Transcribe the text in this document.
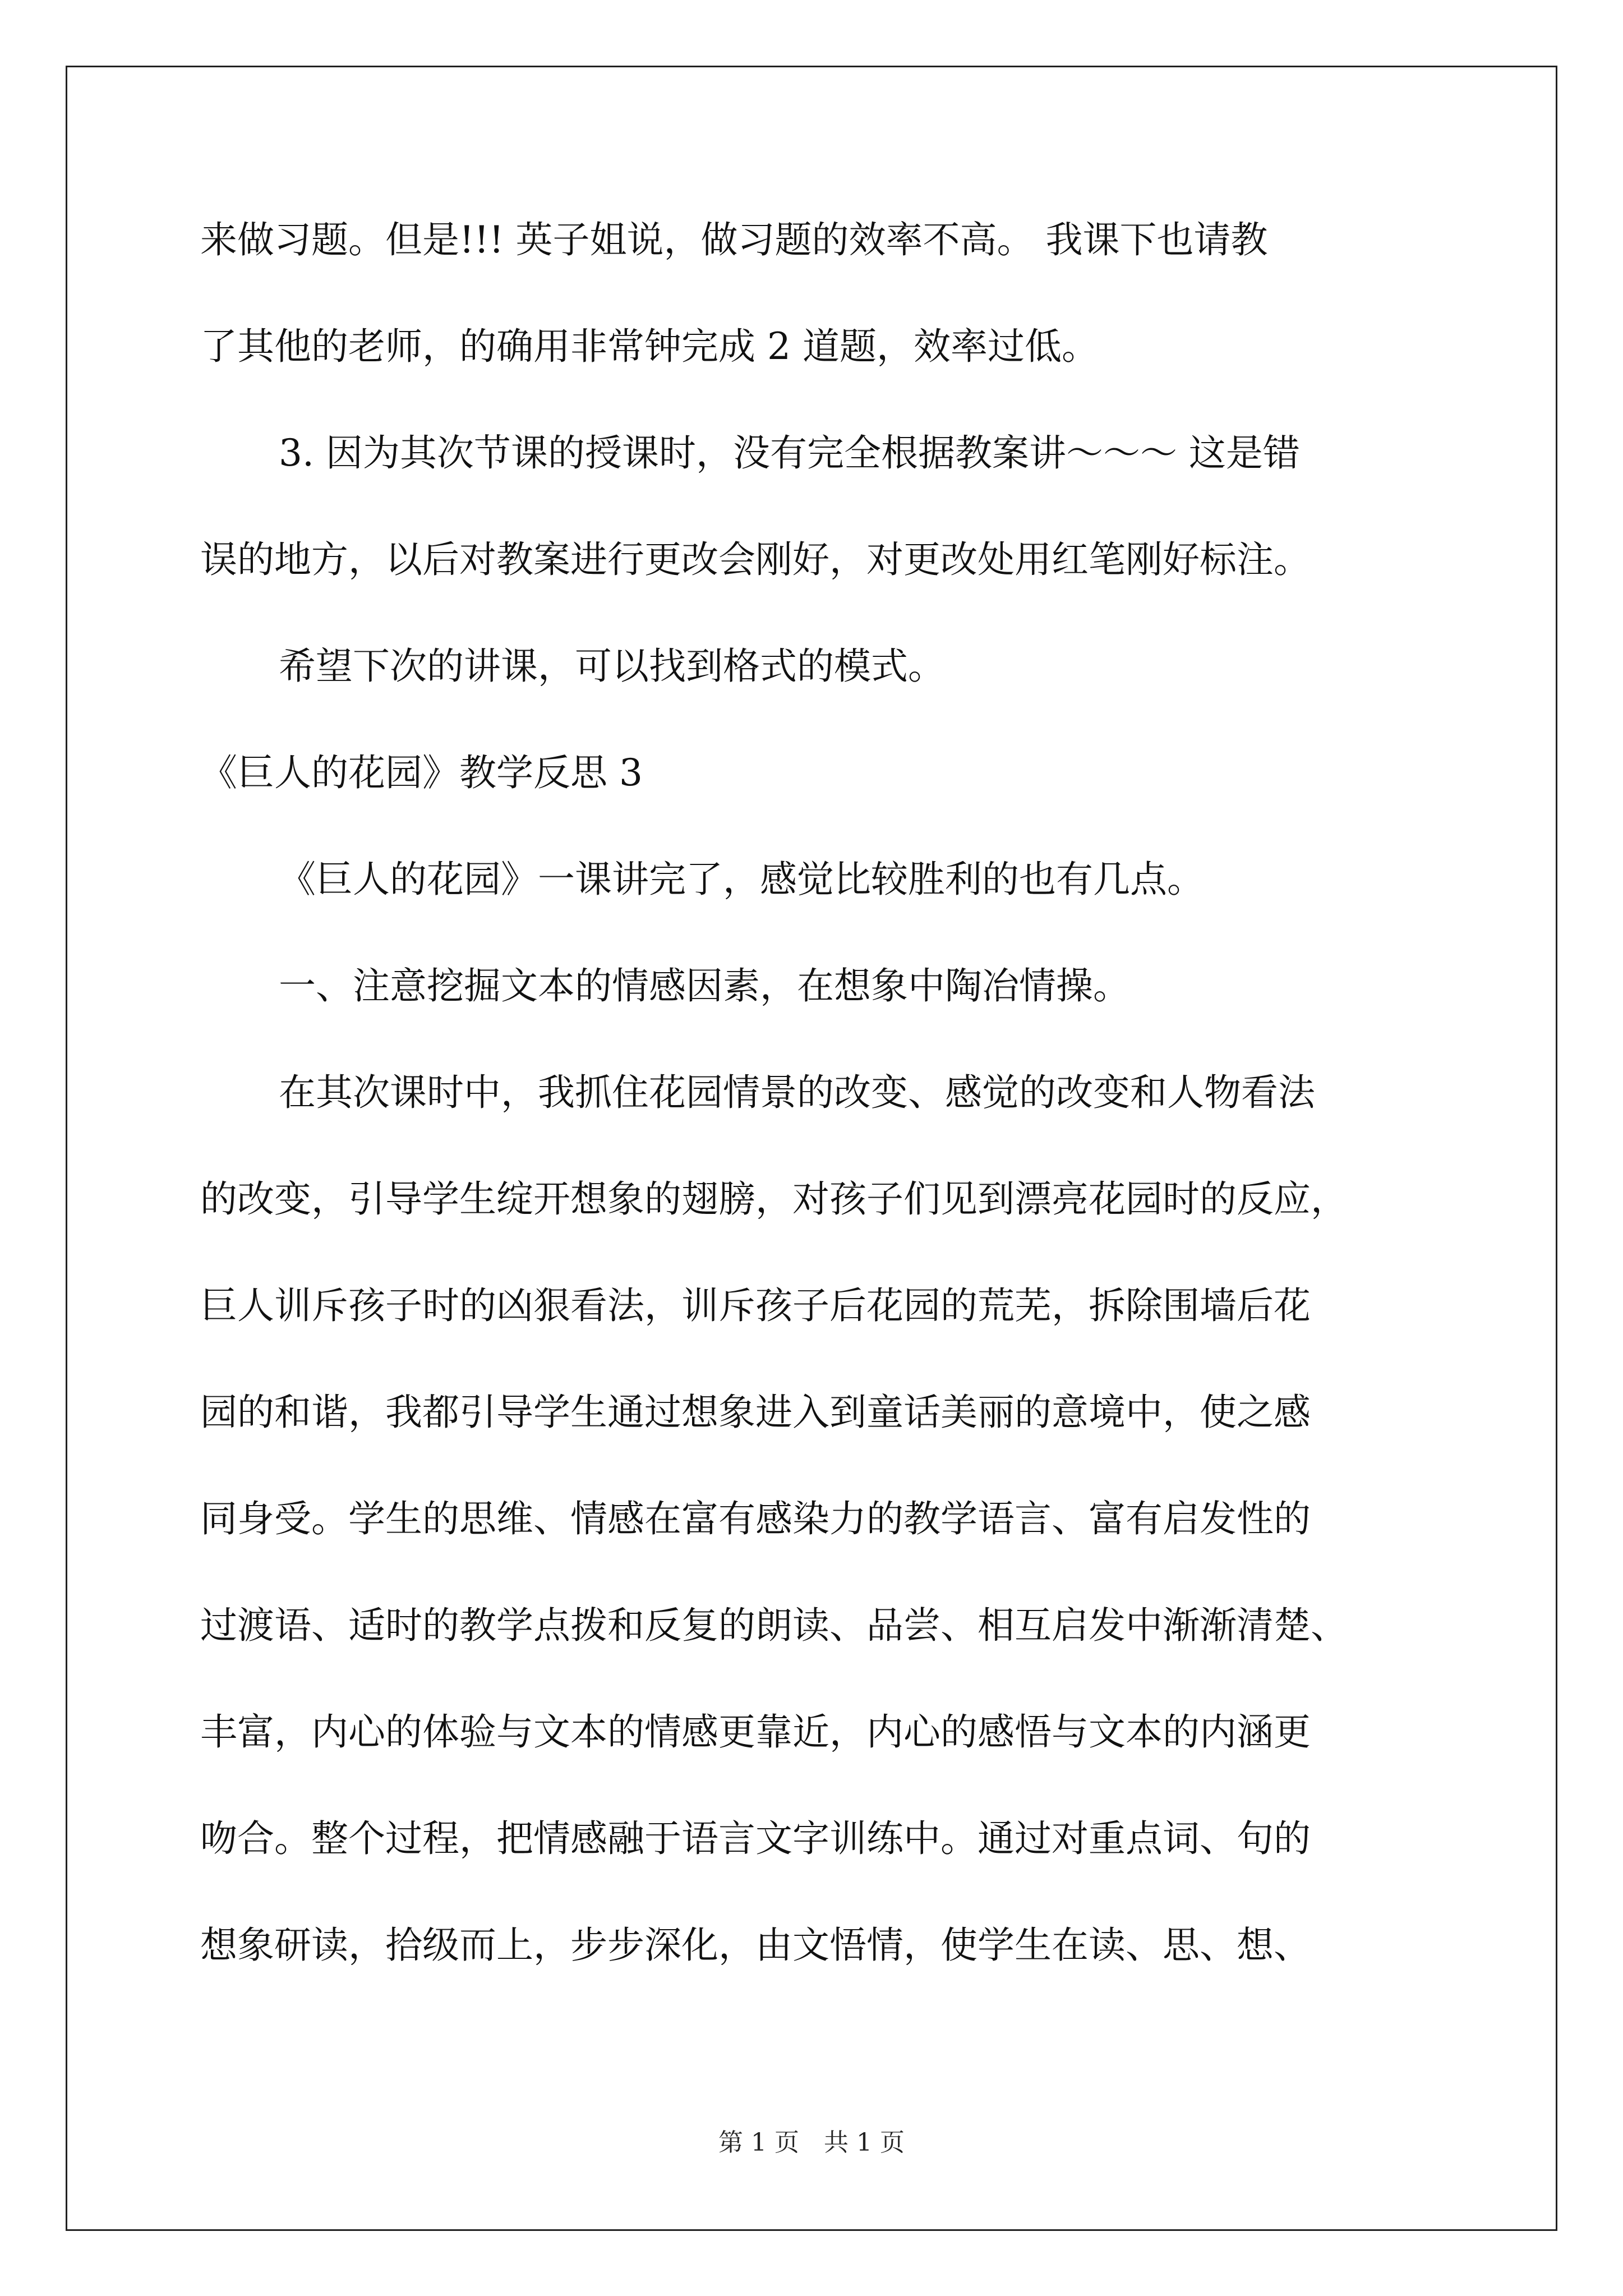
来做习题。但是!!! 英子姐说，做习题的效率不高。 我课下也请教
了其他的老师，的确用非常钟完成 2 道题，效率过低。
3. 因为其次节课的授课时，没有完全根据教案讲～～～ 这是错
误的地方，以后对教案进行更改会刚好，对更改处用红笔刚好标注。
希望下次的讲课，可以找到格式的模式。
《巨人的花园》教学反思 3
《巨人的花园》一课讲完了，感觉比较胜利的也有几点。
一、注意挖掘文本的情感因素，在想象中陶冶情操。
在其次课时中，我抓住花园情景的改变、感觉的改变和人物看法
的改变，引导学生绽开想象的翅膀，对孩子们见到漂亮花园时的反应，
巨人训斥孩子时的凶狠看法，训斥孩子后花园的荒芜，拆除围墙后花
园的和谐，我都引导学生通过想象进入到童话美丽的意境中，使之感
同身受。学生的思维、情感在富有感染力的教学语言、富有启发性的
过渡语、适时的教学点拨和反复的朗读、品尝、相互启发中渐渐清楚、
丰富，内心的体验与文本的情感更靠近，内心的感悟与文本的内涵更
吻合。整个过程，把情感融于语言文字训练中。通过对重点词、句的
想象研读，拾级而上，步步深化，由文悟情，使学生在读、思、想、
第 1 页　共 1 页
